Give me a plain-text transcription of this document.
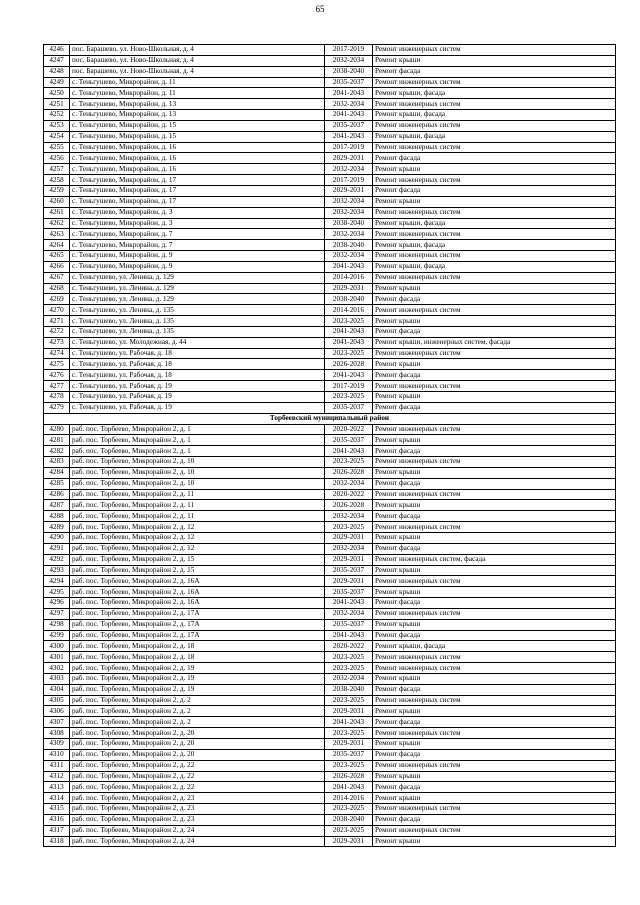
65
4246	пос. Барашево, ул. Ново-Школьная, д. 4	2017-2019	Ремонт инженерных систем
4247	пос. Барашево, ул. Ново-Школьная, д. 4	2032-2034	Ремонт крыши
4248	пос. Барашево, ул. Ново-Школьная, д. 4	2038-2040	Ремонт фасада
4249	с. Теньгушево, Микрорайон, д. 11	2035-2037	Ремонт инженерных систем
4250	с. Теньгушево, Микрорайон, д. 11	2041-2043	Ремонт крыши, фасада
4251	с. Теньгушево, Микрорайон, д. 13	2032-2034	Ремонт инженерных систем
4252	с. Теньгушево, Микрорайон, д. 13	2041-2043	Ремонт крыши, фасада
4253	с. Теньгушево, Микрорайон, д. 15	2035-2037	Ремонт инженерных систем
4254	с. Теньгушево, Микрорайон, д. 15	2041-2043	Ремонт крыши, фасада
4255	с. Теньгушево, Микрорайон, д. 16	2017-2019	Ремонт инженерных систем
4256	с. Теньгушево, Микрорайон, д. 16	2029-2031	Ремонт фасада
4257	с. Теньгушево, Микрорайон, д. 16	2032-2034	Ремонт крыши
4258	с. Теньгушево, Микрорайон, д. 17	2017-2019	Ремонт инженерных систем
4259	с. Теньгушево, Микрорайон, д. 17	2029-2031	Ремонт фасада
4260	с. Теньгушево, Микрорайон, д. 17	2032-2034	Ремонт крыши
4261	с. Теньгушево, Микрорайон, д. 3	2032-2034	Ремонт инженерных систем
4262	с. Теньгушево, Микрорайон, д. 3	2038-2040	Ремонт крыши, фасада
4263	с. Теньгушево, Микрорайон, д. 7	2032-2034	Ремонт инженерных систем
4264	с. Теньгушево, Микрорайон, д. 7	2038-2040	Ремонт крыши, фасада
4265	с. Теньгушево, Микрорайон, д. 9	2032-2034	Ремонт инженерных систем
4266	с. Теньгушево, Микрорайон, д. 9	2041-2043	Ремонт крыши, фасада
4267	с. Теньгушево, ул. Ленина, д. 129	2014-2016	Ремонт инженерных систем
4268	с. Теньгушево, ул. Ленина, д. 129	2029-2031	Ремонт крыши
4269	с. Теньгушево, ул. Ленина, д. 129	2038-2040	Ремонт фасада
4270	с. Теньгушево, ул. Ленина, д. 135	2014-2016	Ремонт инженерных систем
4271	с. Теньгушево, ул. Ленина, д. 135	2023-2025	Ремонт крыши
4272	с. Теньгушево, ул. Ленина, д. 135	2041-2043	Ремонт фасада
4273	с. Теньгушево, ул. Молодежная, д. 44	2041-2043	Ремонт крыши, инженерных систем, фасада
4274	с. Теньгушево, ул. Рабочая, д. 18	2023-2025	Ремонт инженерных систем
4275	с. Теньгушево, ул. Рабочая, д. 18	2026-2028	Ремонт крыши
4276	с. Теньгушево, ул. Рабочая, д. 18	2041-2043	Ремонт фасада
4277	с. Теньгушево, ул. Рабочая, д. 19	2017-2019	Ремонт инженерных систем
4278	с. Теньгушево, ул. Рабочая, д. 19	2023-2025	Ремонт крыши
4279	с. Теньгушево, ул. Рабочая, д. 19	2035-2037	Ремонт фасада
Торбеевский муниципальный район			
4280	раб. пос. Торбеево, Микрорайон 2, д. 1	2020-2022	Ремонт инженерных систем
4281	раб. пос. Торбеево, Микрорайон 2, д. 1	2035-2037	Ремонт крыши
4282	раб. пос. Торбеево, Микрорайон 2, д. 1	2041-2043	Ремонт фасада
4283	раб. пос. Торбеево, Микрорайон 2, д. 10	2023-2025	Ремонт инженерных систем
4284	раб. пос. Торбеево, Микрорайон 2, д. 10	2026-2028	Ремонт крыши
4285	раб. пос. Торбеево, Микрорайон 2, д. 10	2032-2034	Ремонт фасада
4286	раб. пос. Торбеево, Микрорайон 2, д. 11	2020-2022	Ремонт инженерных систем
4287	раб. пос. Торбеево, Микрорайон 2, д. 11	2026-2028	Ремонт крыши
4288	раб. пос. Торбеево, Микрорайон 2, д. 11	2032-2034	Ремонт фасада
4289	раб. пос. Торбеево, Микрорайон 2, д. 12	2023-2025	Ремонт инженерных систем
4290	раб. пос. Торбеево, Микрорайон 2, д. 12	2029-2031	Ремонт крыши
4291	раб. пос. Торбеево, Микрорайон 2, д. 12	2032-2034	Ремонт фасада
4292	раб. пос. Торбеево, Микрорайон 2, д. 15	2029-2031	Ремонт инженерных систем, фасада
4293	раб. пос. Торбеево, Микрорайон 2, д. 15	2035-2037	Ремонт крыши
4294	раб. пос. Торбеево, Микрорайон 2, д. 16А	2029-2031	Ремонт инженерных систем
4295	раб. пос. Торбеево, Микрорайон 2, д. 16А	2035-2037	Ремонт крыши
4296	раб. пос. Торбеево, Микрорайон 2, д. 16А	2041-2043	Ремонт фасада
4297	раб. пос. Торбеево, Микрорайон 2, д. 17А	2032-2034	Ремонт инженерных систем
4298	раб. пос. Торбеево, Микрорайон 2, д. 17А	2035-2037	Ремонт крыши
4299	раб. пос. Торбеево, Микрорайон 2, д. 17А	2041-2043	Ремонт фасада
4300	раб. пос. Торбеево, Микрорайон 2, д. 18	2020-2022	Ремонт крыши, фасада
4301	раб. пос. Торбеево, Микрорайон 2, д. 18	2023-2025	Ремонт инженерных систем
4302	раб. пос. Торбеево, Микрорайон 2, д. 19	2023-2025	Ремонт инженерных систем
4303	раб. пос. Торбеево, Микрорайон 2, д. 19	2032-2034	Ремонт крыши
4304	раб. пос. Торбеево, Микрорайон 2, д. 19	2038-2040	Ремонт фасада
4305	раб. пос. Торбеево, Микрорайон 2, д. 2	2023-2025	Ремонт инженерных систем
4306	раб. пос. Торбеево, Микрорайон 2, д. 2	2029-2031	Ремонт крыши
4307	раб. пос. Торбеево, Микрорайон 2, д. 2	2041-2043	Ремонт фасада
4308	раб. пос. Торбеево, Микрорайон 2, д. 20	2023-2025	Ремонт инженерных систем
4309	раб. пос. Торбеево, Микрорайон 2, д. 20	2029-2031	Ремонт крыши
4310	раб. пос. Торбеево, Микрорайон 2, д. 20	2035-2037	Ремонт фасада
4311	раб. пос. Торбеево, Микрорайон 2, д. 22	2023-2025	Ремонт инженерных систем
4312	раб. пос. Торбеево, Микрорайон 2, д. 22	2026-2028	Ремонт крыши
4313	раб. пос. Торбеево, Микрорайон 2, д. 22	2041-2043	Ремонт фасада
4314	раб. пос. Торбеево, Микрорайон 2, д. 23	2014-2016	Ремонт крыши
4315	раб. пос. Торбеево, Микрорайон 2, д. 23	2023-2025	Ремонт инженерных систем
4316	раб. пос. Торбеево, Микрорайон 2, д. 23	2038-2040	Ремонт фасада
4317	раб. пос. Торбеево, Микрорайон 2, д. 24	2023-2025	Ремонт инженерных систем
4318	раб. пос. Торбеево, Микрорайон 2, д. 24	2029-2031	Ремонт крыши
